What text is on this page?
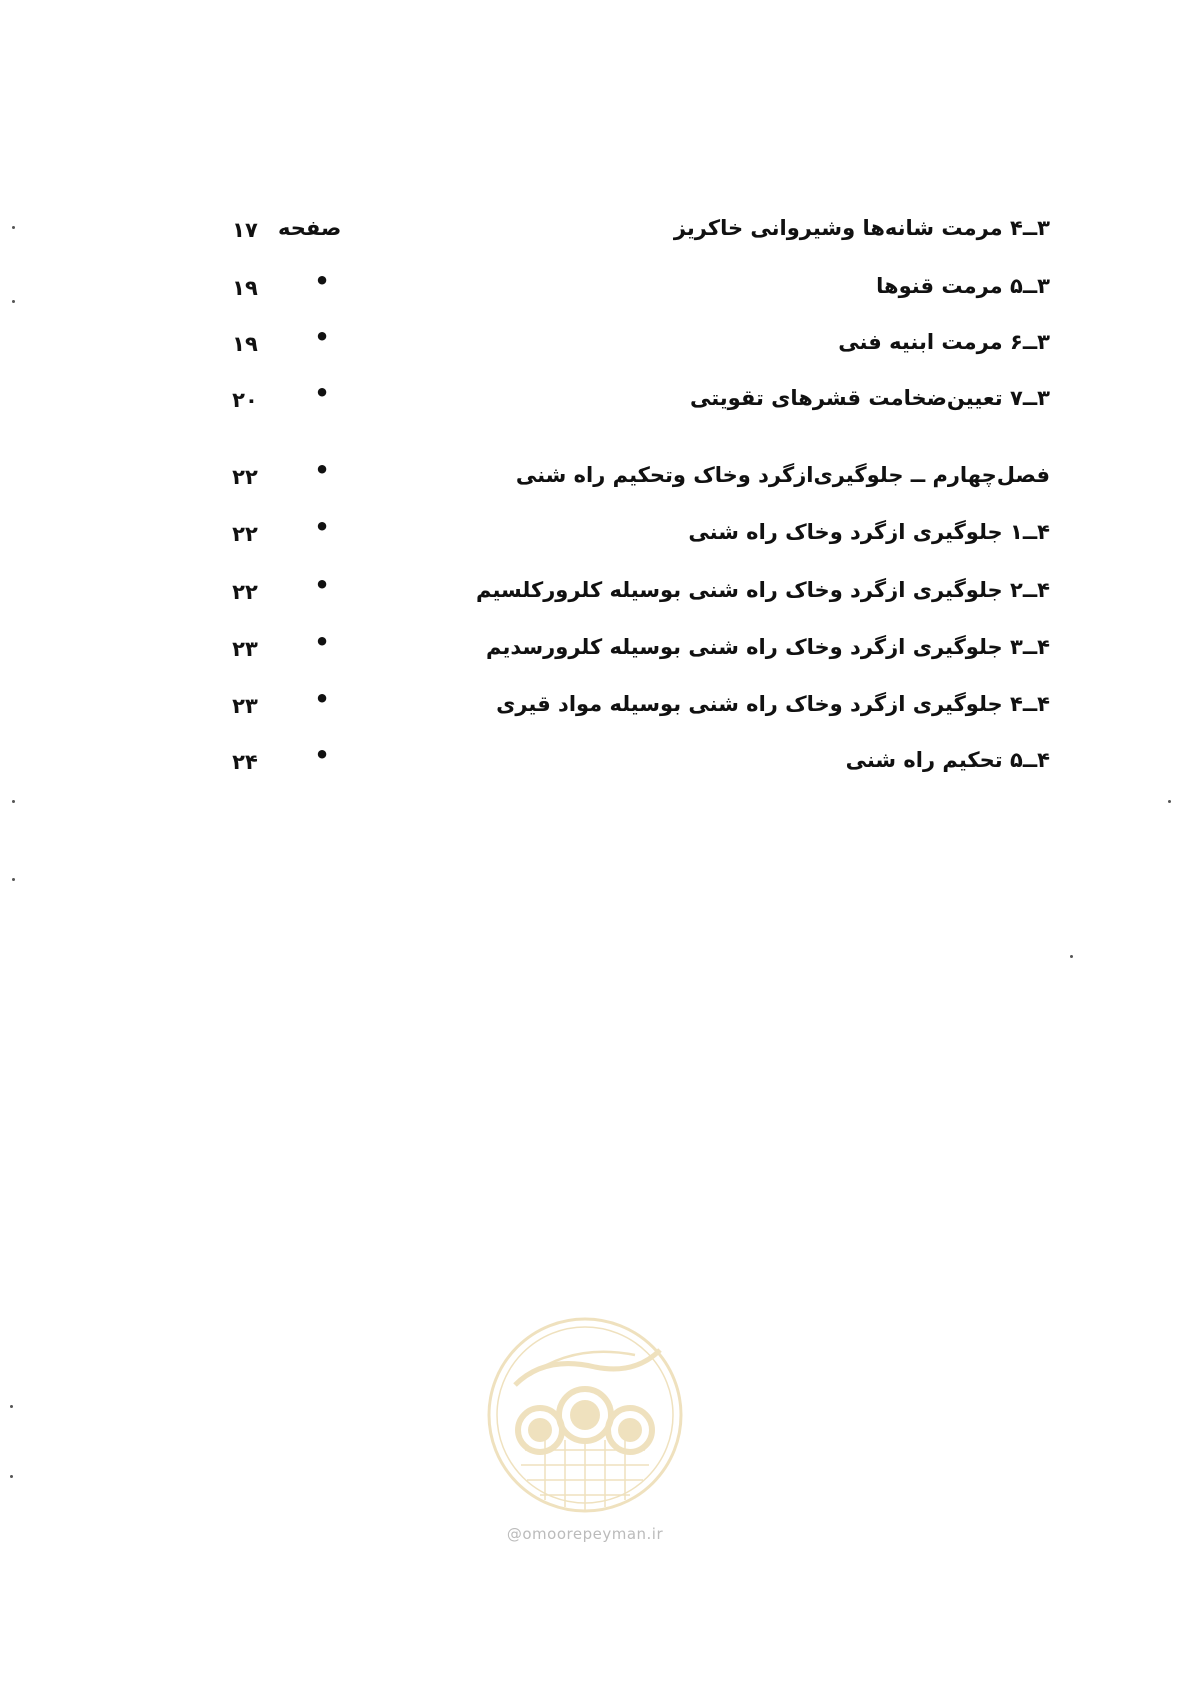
۱۷ صفحه	۳ــ۴ مرمت شانه‌ها وشیروانی خاکریز
۱۹	•	۳ــ۵ مرمت قنوها
۱۹	•	۳ــ۶ مرمت ابنیه فنی
۲۰	•	۳ــ۷ تعیین‌ضخامت قشرهای تقویتی
۲۲	•	فصل‌چهارم ــ جلوگیری‌ازگرد وخاک وتحکیم راه شنی
۲۲	•	۴ــ۱ جلوگیری ازگرد وخاک راه شنی
۲۲	•	۴ــ۲ جلوگیری ازگرد وخاک راه شنی بوسیله کلرورکلسیم
۲۳	•	۴ــ۳ جلوگیری ازگرد وخاک راه شنی بوسیله کلرورسدیم
۲۳	•	۴ــ۴ جلوگیری ازگرد وخاک راه شنی بوسیله مواد قیری
۲۴	•	۴ــ۵ تحکیم راه شنی
@omoorepeyman.ir
